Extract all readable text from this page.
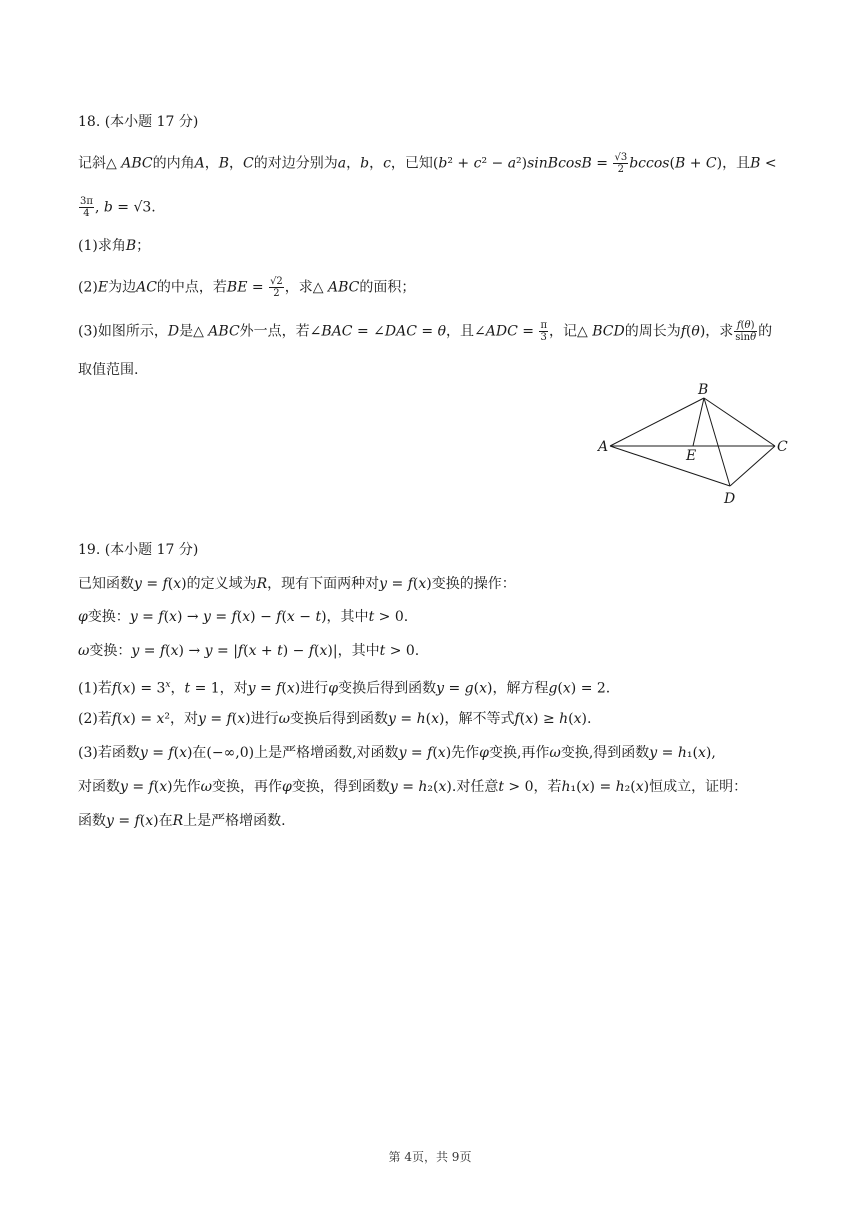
18. (本小题 17 分)
记斜△ ABC的内角A，B，C的对边分别为a，b，c，已知(b² + c² − a²)sinBcosB = $\frac{√3}{2} bccos(B + C)$，且B <
$\frac{3\pi}{4}$ , b = √3.
(1)求角B；
(2)E为边AC的中点，若BE = $\frac{√2}{2}$ ，求△ ABC的面积；
(3)如图所示，D是△ ABC外一点，若∠BAC = ∠DAC = θ，且∠ADC = $\frac{\pi}{3}$ ，记△ BCD的周长为f(θ)，求 $\frac{f(\theta)}{\sin\theta}$ 的
取值范围.
A
B
C
D
E
19. (本小题 17 分)
已知函数y = f(x)的定义域为R，现有下面两种对y = f(x)变换的操作：
φ变换：y = f(x) → y = f(x) − f(x − t)，其中t > 0.
ω变换：y = f(x) → y = |f(x + t) − f(x)|，其中t > 0.
(1)若$f(x) = 3^x$，t = 1，对y = f(x)进行φ变换后得到函数y = g(x)，解方程g(x) = 2.
(2)若f(x) = x²，对y = f(x)进行ω变换后得到函数y = h(x)，解不等式f(x) ≥ h(x).
(3)若函数y = f(x)在(−∞,0)上是严格增函数,对函数y = f(x)先作φ变换,再作ω变换,得到函数y = h₁(x),
对函数y = f(x)先作ω变换，再作φ变换，得到函数y = h₂(x).对任意t > 0，若h₁(x) = h₂(x)恒成立，证明：
函数y = f(x)在R上是严格增函数.
第 4页，共 9页
